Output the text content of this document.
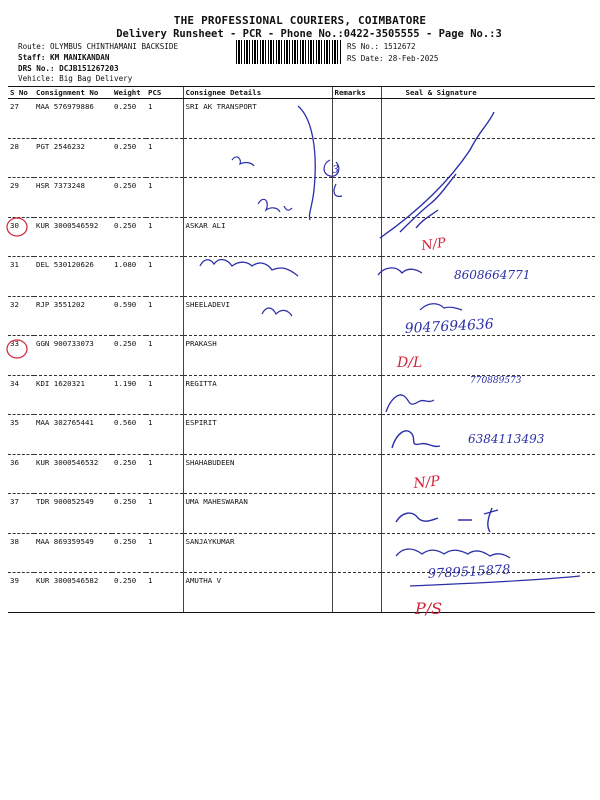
THE PROFESSIONAL COURIERS, COIMBATORE
Delivery Runsheet - PCR - Phone No.:0422-3505555 - Page No.:3
Route: OLYMBUS CHINTHAMANI BACKSIDE
Staff: KM MANIKANDAN
DRS No.: DCJB151267203
Vehicle: Big Bag Delivery
RS No.: 1512672
RS Date: 28-Feb-2025
S No	Consignment No	Weight	PCS	Consignee Details	Remarks	Seal & Signature
27	MAA 576979886	0.250	1	SRI AK TRANSPORT		
28	PGT 2546232	0.250	1			
29	HSR 7373248	0.250	1			
30	KUR 3000546592	0.250	1	ASKAR ALI		
31	DEL 530120626	1.080	1			
32	RJP 3551202	0.590	1	SHEELADEVI		
33	GGN 900733073	0.250	1	PRAKASH		
34	KDI 1620321	1.190	1	REGITTA		
35	MAA 302765441	0.560	1	ESPIRIT		
36	KUR 3000546532	0.250	1	SHAHABUDEEN		
37	TDR 900052549	0.250	1	UMA MAHESWARAN		
38	MAA 869359549	0.250	1	SANJAYKUMAR		
39	KUR 3000546582	0.250	1	AMUTHA V		
3
N/P
8608664771
9047694636
D/L
770889573
6384113493
N/P
9789515878
P/S
